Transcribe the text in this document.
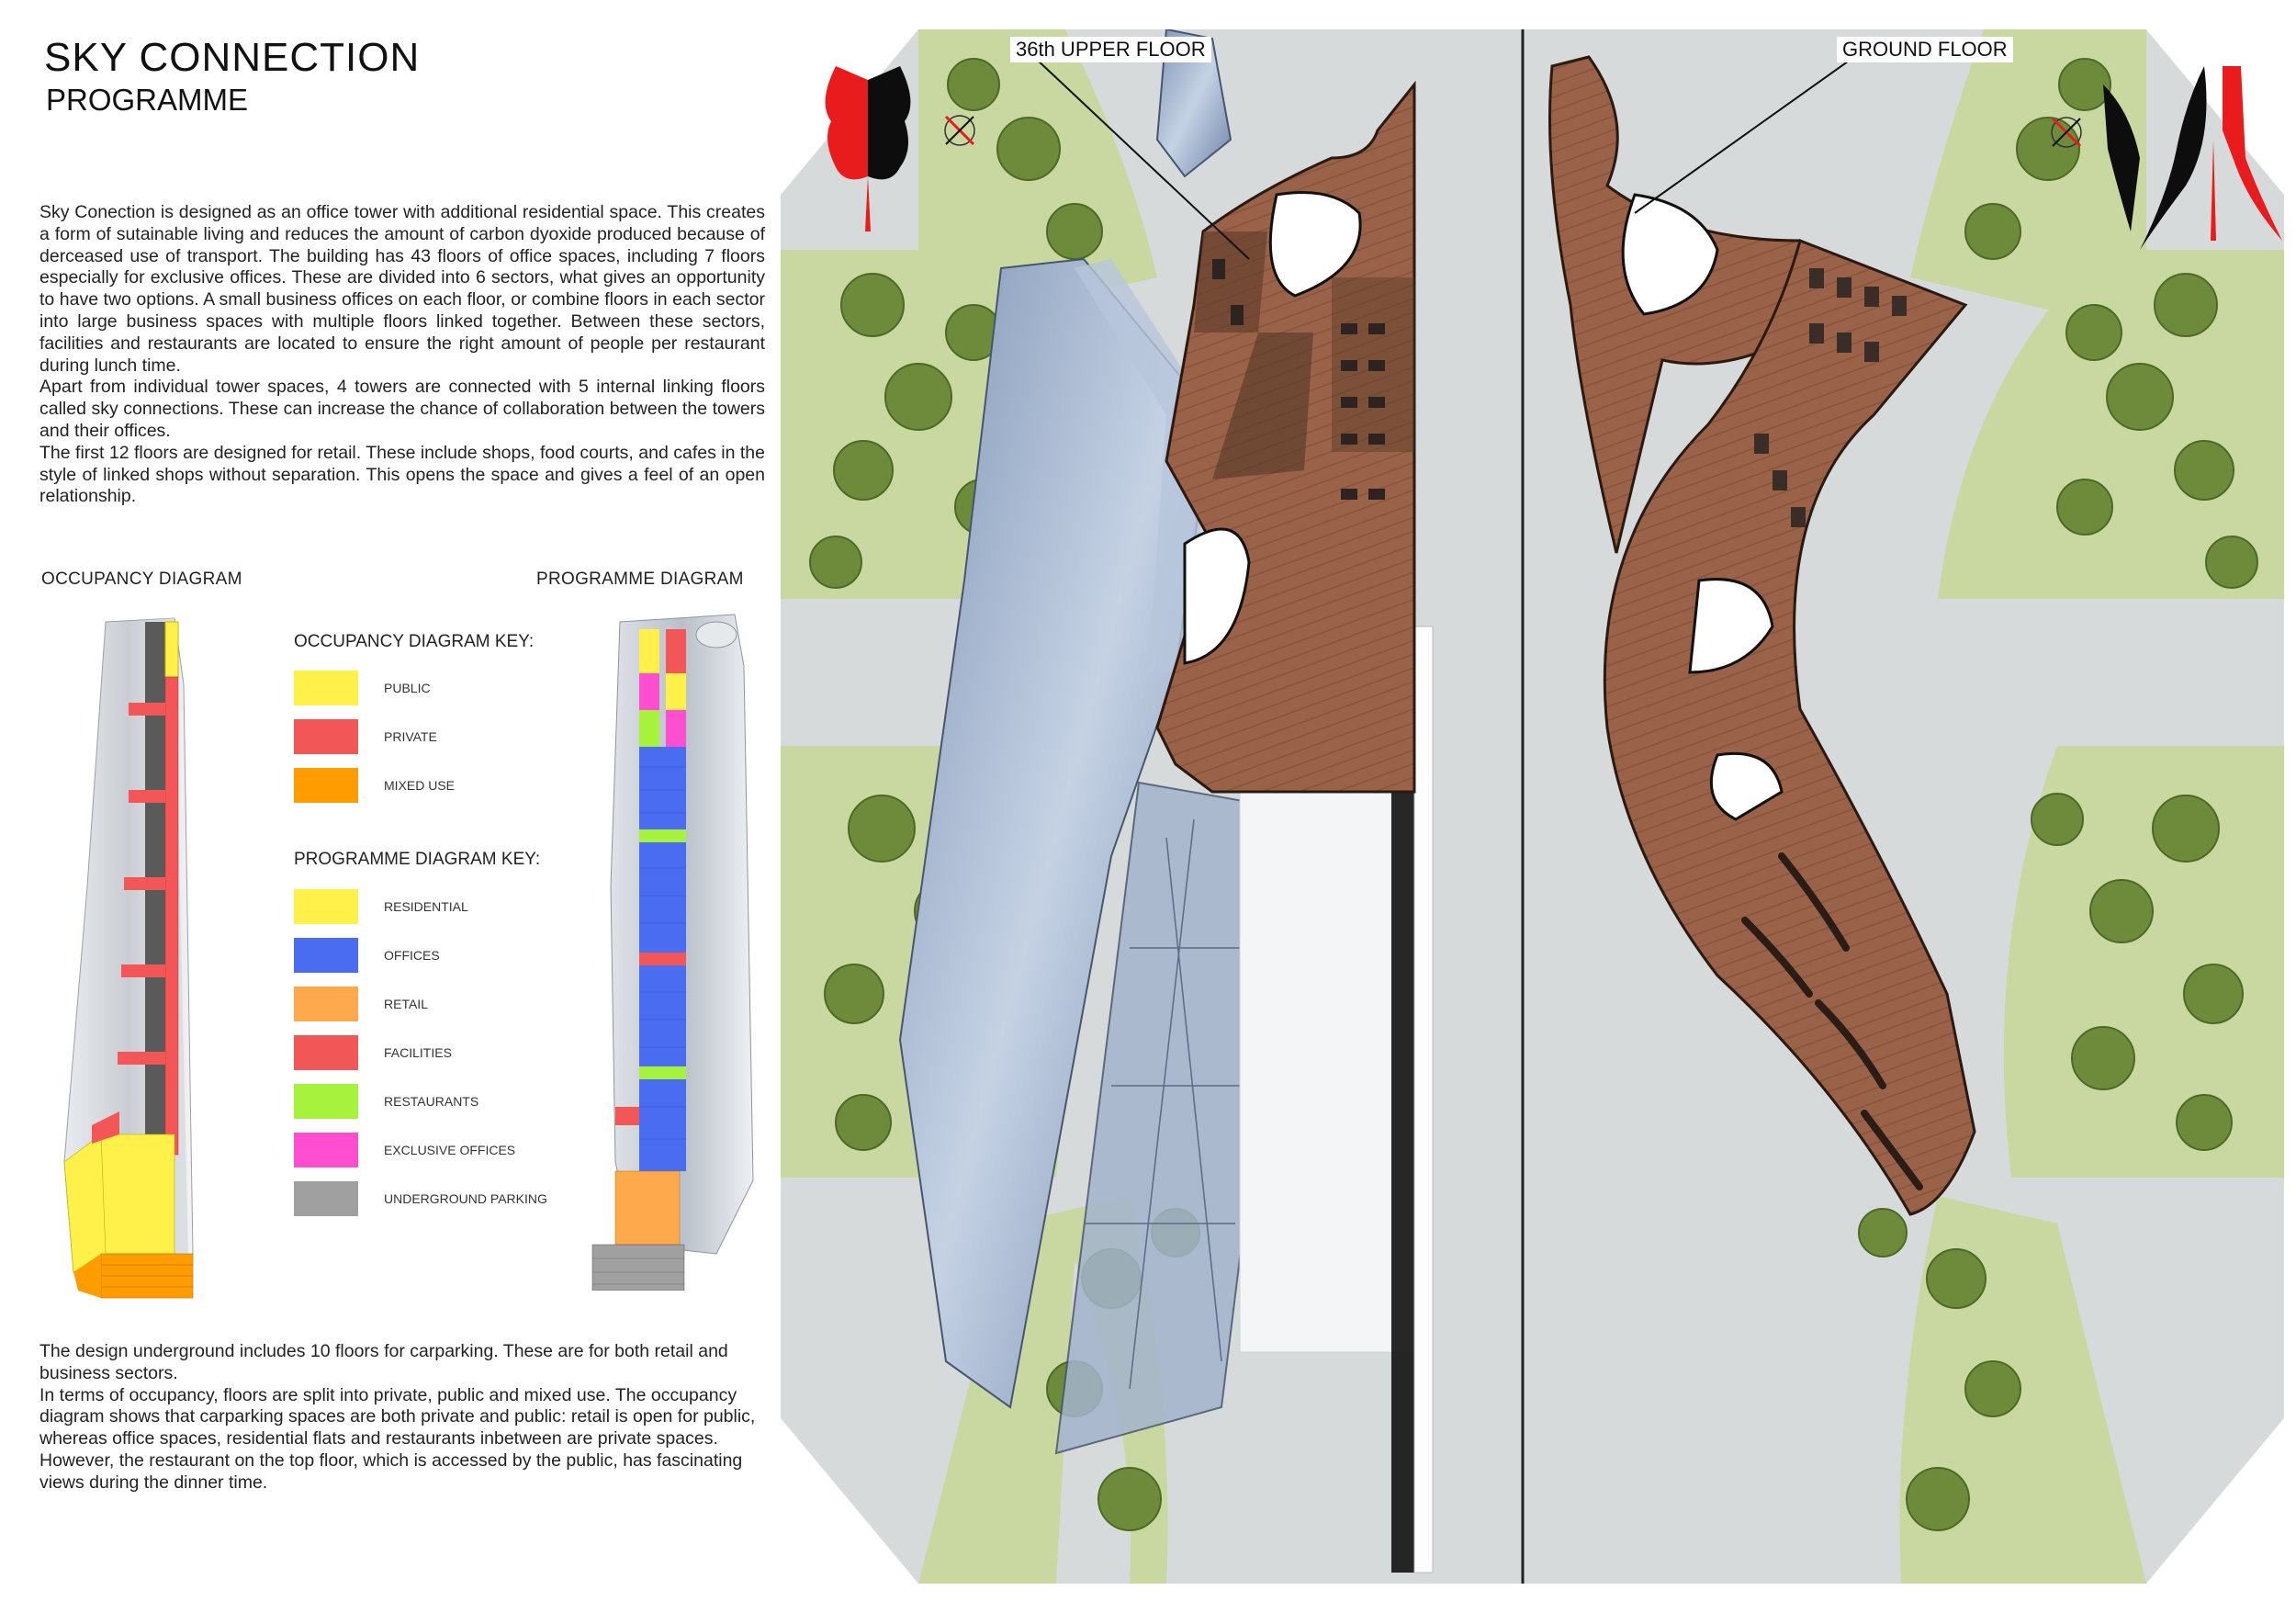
SKY CONNECTION
PROGRAMME

Sky Conection is designed as an office tower with additional residential space. This creates a form of sutainable living and reduces the amount of carbon dyoxide produced because of derceased use of transport. The building has 43 floors of office spaces, including 7 floors especially for exclusive offices. These are divided into 6 sectors, what gives an opportunity to have two options. A small business offices on each floor, or combine floors in each sector into large business spaces with multiple floors linked together. Between these sectors, facilities and restaurants are located to ensure the right amount of people per restaurant during lunch time.

Apart from individual tower spaces, 4 towers are connected with 5 internal linking floors called sky connections. These can increase the chance of collaboration between the towers and their offices.

The first 12 floors are designed for retail. These include shops, food courts, and cafes in the style of linked shops without separation. This opens the space and gives a feel of an open relationship.

OCCUPANCY DIAGRAM	PROGRAMME DIAGRAM
OCCUPANCY DIAGRAM KEY:
PUBLIC
PRIVATE
MIXED USE
PROGRAMME DIAGRAM KEY:
RESIDENTIAL
OFFICES
RETAIL
FACILITIES
RESTAURANTS
EXCLUSIVE OFFICES
UNDERGROUND PARKING

The design underground includes 10 floors for carparking. These are for both retail and business sectors.

In terms of occupancy, floors are split into private, public and mixed use. The occupancy diagram shows that carparking spaces are both private and public: retail is open for public, whereas office spaces, residential flats and restaurants inbetween are private spaces. However, the restaurant on the top floor, which is accessed by the public, has fascinating views during the dinner time.

36th UPPER FLOOR	GROUND FLOOR
